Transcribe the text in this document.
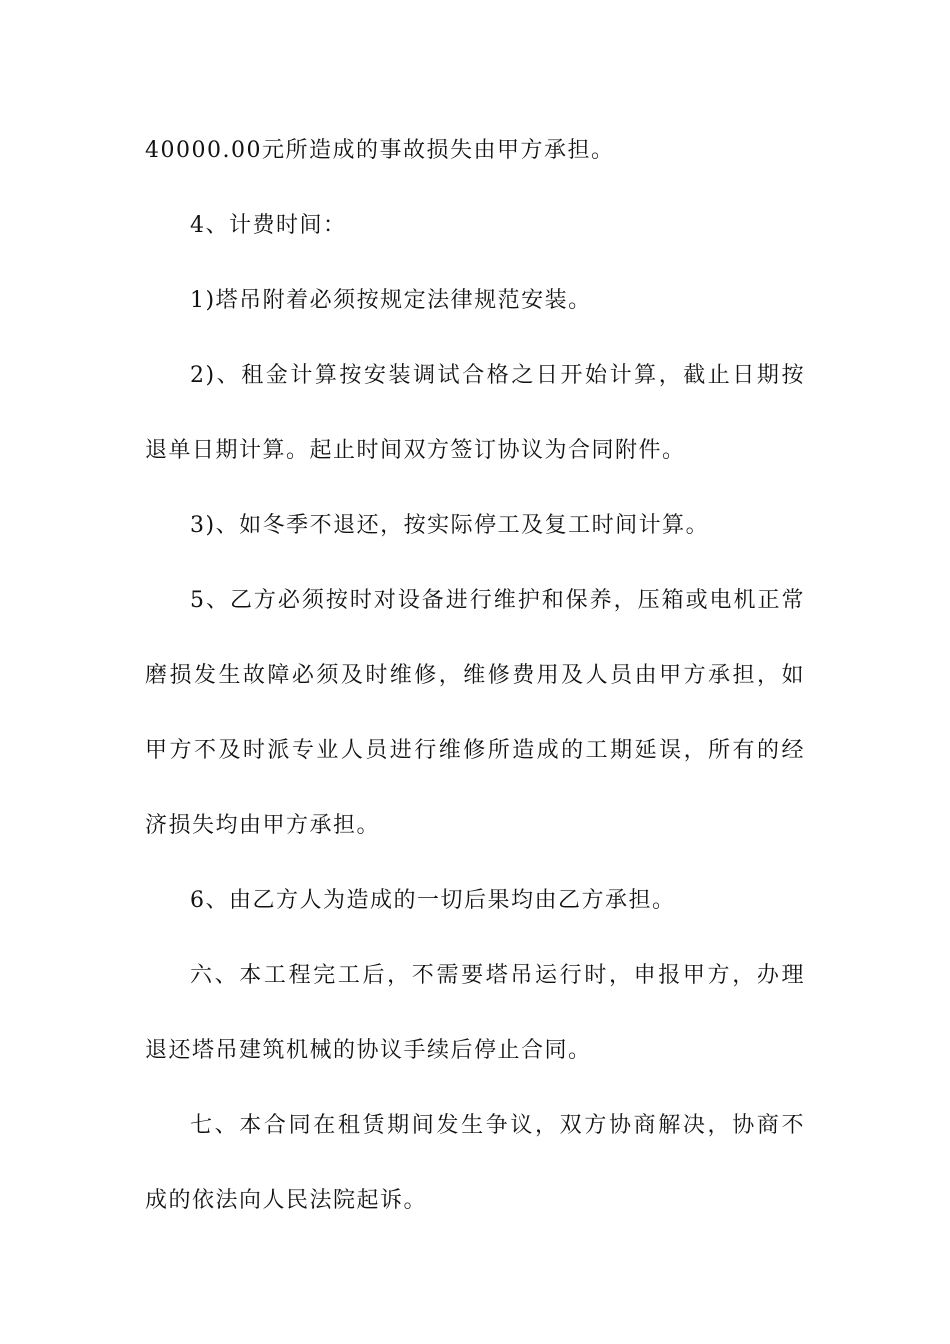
40000.00元所造成的事故损失由甲方承担。
4、计费时间：
1)塔吊附着必须按规定法律规范安装。
2)、租金计算按安装调试合格之日开始计算，截止日期按
退单日期计算。起止时间双方签订协议为合同附件。
3)、如冬季不退还，按实际停工及复工时间计算。
5、乙方必须按时对设备进行维护和保养，压箱或电机正常
磨损发生故障必须及时维修，维修费用及人员由甲方承担，如
甲方不及时派专业人员进行维修所造成的工期延误，所有的经
济损失均由甲方承担。
6、由乙方人为造成的一切后果均由乙方承担。
六、本工程完工后，不需要塔吊运行时，申报甲方，办理
退还塔吊建筑机械的协议手续后停止合同。
七、本合同在租赁期间发生争议，双方协商解决，协商不
成的依法向人民法院起诉。
